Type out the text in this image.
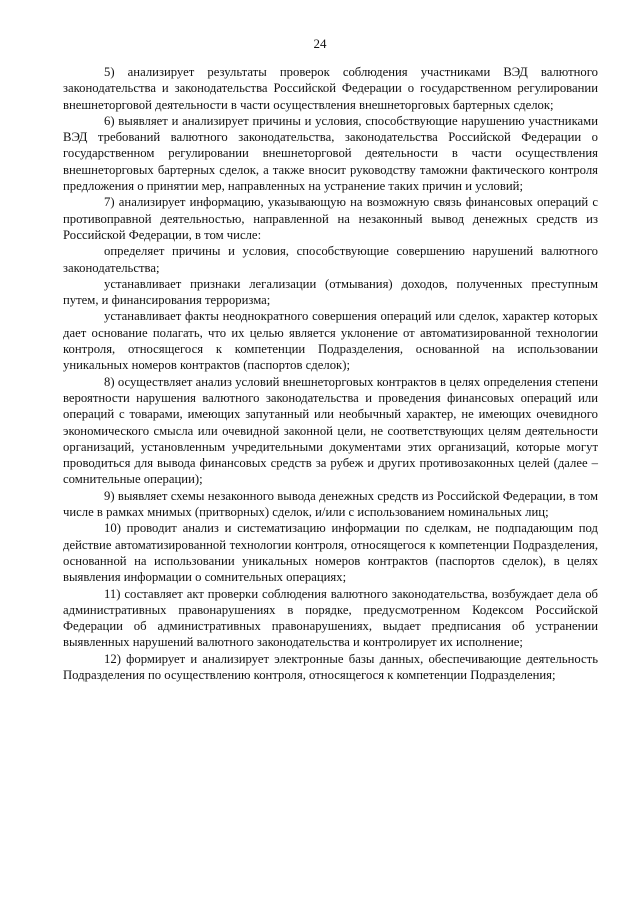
24

5) анализирует результаты проверок соблюдения участниками ВЭД валютного законодательства и законодательства Российской Федерации о государственном регулировании внешнеторговой деятельности в части осуществления внешнеторговых бартерных сделок;

6) выявляет и анализирует причины и условия, способствующие нарушению участниками ВЭД требований валютного законодательства, законодательства Российской Федерации о государственном регулировании внешнеторговой деятельности в части осуществления внешнеторговых бартерных сделок, а также вносит руководству таможни фактического контроля предложения о принятии мер, направленных на устранение таких причин и условий;

7) анализирует информацию, указывающую на возможную связь финансовых операций с противоправной деятельностью, направленной на незаконный вывод денежных средств из Российской Федерации, в том числе:

определяет причины и условия, способствующие совершению нарушений валютного законодательства;

устанавливает признаки легализации (отмывания) доходов, полученных преступным путем, и финансирования терроризма;

устанавливает факты неоднократного совершения операций или сделок, характер которых дает основание полагать, что их целью является уклонение от автоматизированной технологии контроля, относящегося к компетенции Подразделения, основанной на использовании уникальных номеров контрактов (паспортов сделок);

8) осуществляет анализ условий внешнеторговых контрактов в целях определения степени вероятности нарушения валютного законодательства и проведения финансовых операций или операций с товарами, имеющих запутанный или необычный характер, не имеющих очевидного экономического смысла или очевидной законной цели, не соответствующих целям деятельности организаций, установленным учредительными документами этих организаций, которые могут проводиться для вывода финансовых средств за рубеж и других противозаконных целей (далее – сомнительные операции);

9) выявляет схемы незаконного вывода денежных средств из Российской Федерации, в том числе в рамках мнимых (притворных) сделок, и/или с использованием номинальных лиц;

10) проводит анализ и систематизацию информации по сделкам, не подпадающим под действие автоматизированной технологии контроля, относящегося к компетенции Подразделения, основанной на использовании уникальных номеров контрактов (паспортов сделок), в целях выявления информации о сомнительных операциях;

11) составляет акт проверки соблюдения валютного законодательства, возбуждает дела об административных правонарушениях в порядке, предусмотренном Кодексом Российской Федерации об административных правонарушениях, выдает предписания об устранении выявленных нарушений валютного законодательства и контролирует их исполнение;

12) формирует и анализирует электронные базы данных, обеспечивающие деятельность Подразделения по осуществлению контроля, относящегося к компетенции Подразделения;
